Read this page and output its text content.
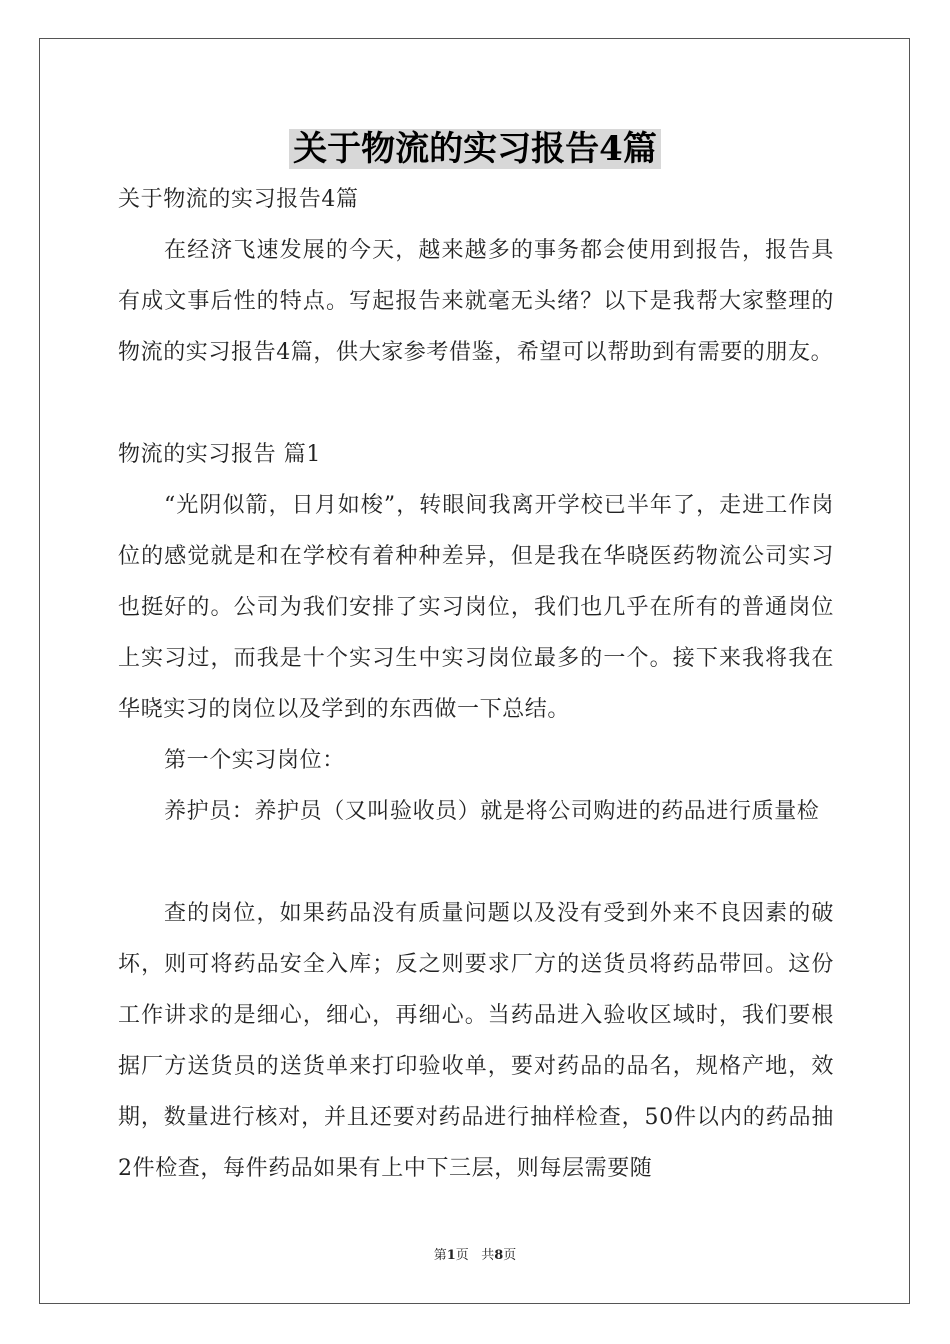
关于物流的实习报告4篇

关于物流的实习报告4篇

在经济飞速发展的今天，越来越多的事务都会使用到报告，报告具有成文事后性的特点。写起报告来就毫无头绪？以下是我帮大家整理的物流的实习报告4篇，供大家参考借鉴，希望可以帮助到有需要的朋友。

物流的实习报告 篇1

“光阴似箭，日月如梭”，转眼间我离开学校已半年了，走进工作岗位的感觉就是和在学校有着种种差异，但是我在华晓医药物流公司实习也挺好的。公司为我们安排了实习岗位，我们也几乎在所有的普通岗位上实习过，而我是十个实习生中实习岗位最多的一个。接下来我将我在华晓实习的岗位以及学到的东西做一下总结。

第一个实习岗位：

养护员：养护员（又叫验收员）就是将公司购进的药品进行质量检

查的岗位，如果药品没有质量问题以及没有受到外来不良因素的破坏，则可将药品安全入库；反之则要求厂方的送货员将药品带回。这份工作讲求的是细心，细心，再细心。当药品进入验收区域时，我们要根据厂方送货员的送货单来打印验收单，要对药品的品名，规格产地，效期，数量进行核对，并且还要对药品进行抽样检查，50件以内的药品抽2件检查，每件药品如果有上中下三层，则每层需要随

第1页 共8页
